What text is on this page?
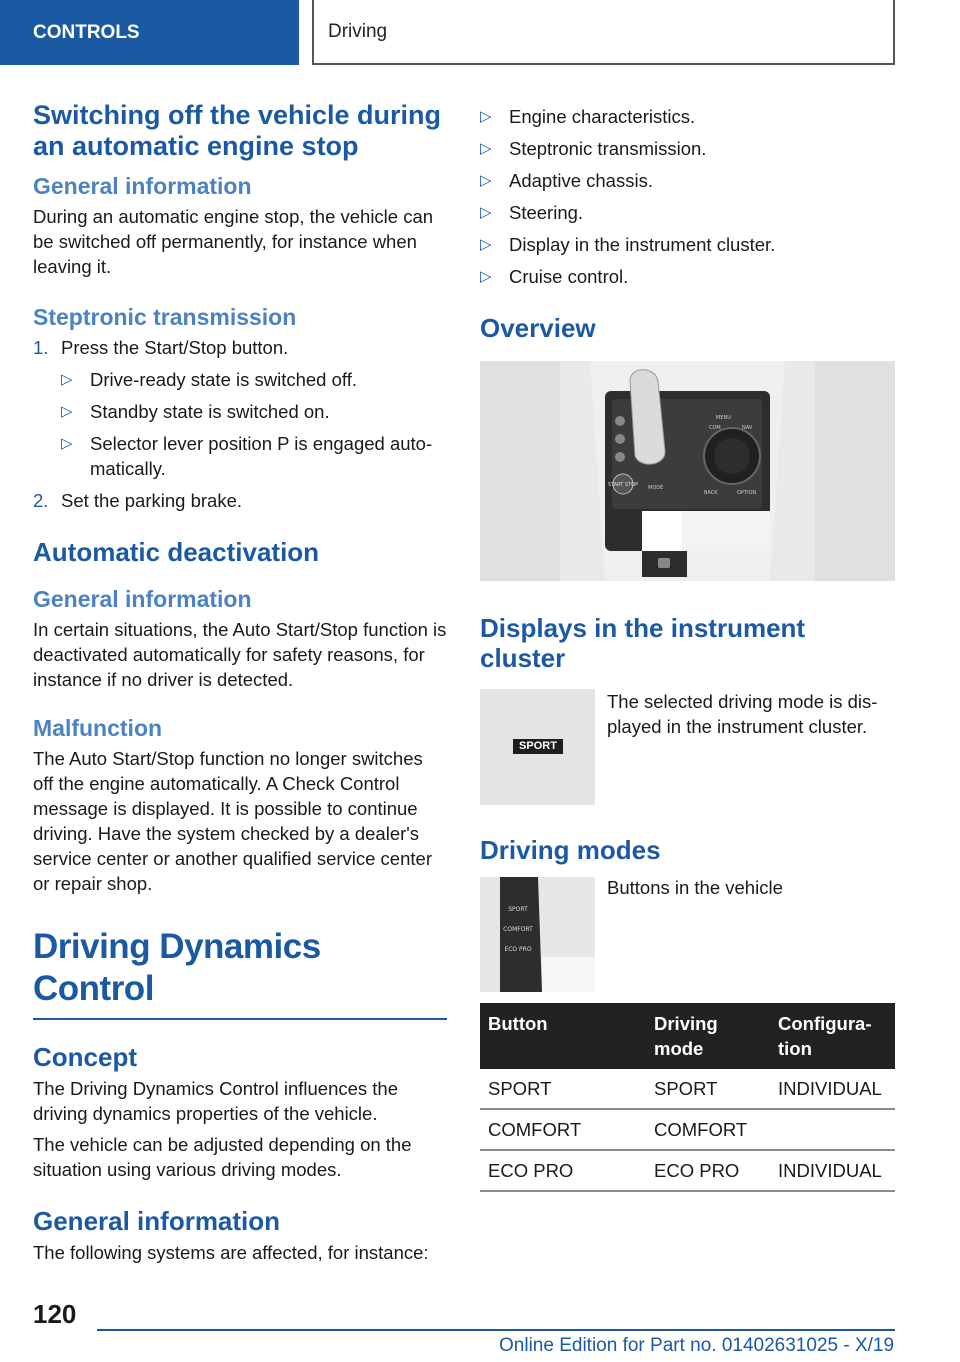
CONTROLS	Driving
Switching off the vehicle during an automatic engine stop
General information

During an automatic engine stop, the vehicle can be switched off permanently, for instance when leaving it.

Steptronic transmission
1. Press the Start/Stop button.
▷ Drive-ready state is switched off.
▷ Standby state is switched on.
▷ Selector lever position P is engaged automatically.
2. Set the parking brake.
Automatic deactivation
General information

In certain situations, the Auto Start/Stop function is deactivated automatically for safety reasons, for instance if no driver is detected.

Malfunction

The Auto Start/Stop function no longer switches off the engine automatically. A Check Control message is displayed. It is possible to continue driving. Have the system checked by a dealer's service center or another qualified service center or repair shop.

Driving Dynamics Control
Concept

The Driving Dynamics Control influences the driving dynamics properties of the vehicle.

The vehicle can be adjusted depending on the situation using various driving modes.

General information

The following systems are affected, for instance:

▷ Engine characteristics.
▷ Steptronic transmission.
▷ Adaptive chassis.
▷ Steering.
▷ Display in the instrument cluster.
▷ Cruise control.
Overview
START STOP
MENU
COM	NAV
BACK	OPTION
MODE
Displays in the instrument cluster
SPORT

The selected driving mode is displayed in the instrument cluster.

Driving modes
SPORT
COMFORT
ECO PRO

Buttons in the vehicle

Button	Driving mode	Configuration
SPORT	SPORT	INDIVIDUAL
COMFORT	COMFORT	
ECO PRO	ECO PRO	INDIVIDUAL
120
Online Edition for Part no. 01402631025 - X/19
